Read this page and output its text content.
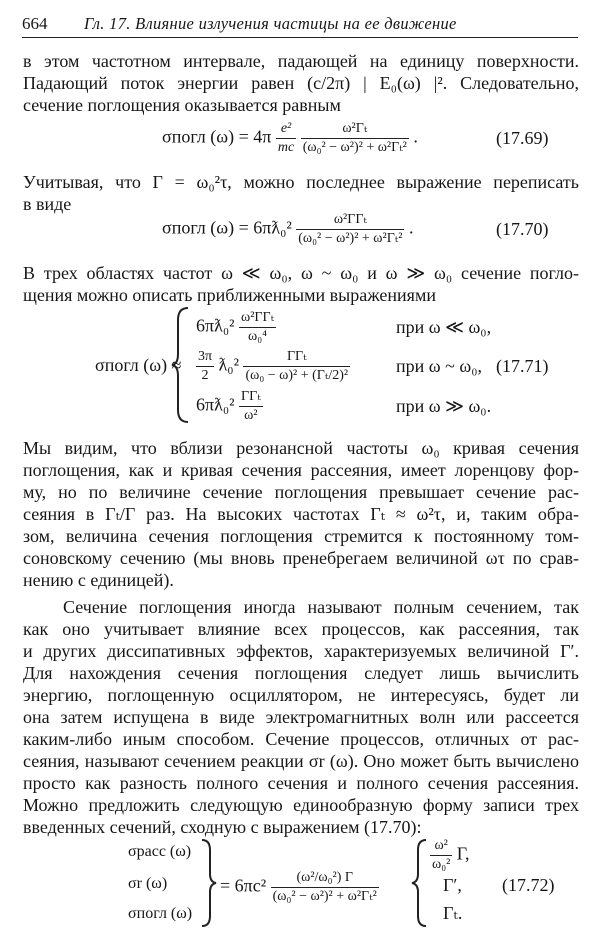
664 Гл. 17. Влияние излучения частицы на ее движение
в этом частотном интервале, падающей на единицу поверхности.
Падающий поток энергии равен (c/2π) | E₀(ω) |². Следовательно,
сечение поглощения оказывается равным
σпогл $(\omega) = 4\pi \frac{\text{e²}}{mc}$
$\frac{\text{ω²Γₜ}}{\text{(ω₀² − ω²)² + ω²Γₜ²}}$ .	(17.69)
Учитывая, что Γ = ω₀²τ, можно последнее выражение переписать
в виде
σпогл (ω) = 6πƛ₀² $\frac{\text{ω²ΓΓₜ}}{\text{(ω₀² − ω²)² + ω²Γₜ²}}$ .	(17.70)
В трех областях частот ω ≪ ω₀, ω ~ ω₀ и ω ≫ ω₀ сечение погло-
щения можно описать приближенными выражениями
σпогл (ω) ≈
6πƛ₀² $\frac{\text{ω²ΓΓₜ}}{\text{ω₀⁴}}$	при ω ≪ ω₀,
$\frac{3\pi}{2}$ ƛ₀² $\frac{\text{ΓΓₜ}}{\text{(ω₀ − ω)² + (Γₜ/2)²}}$	при ω ~ ω₀,
6πƛ₀² $\frac{\text{ΓΓₜ}}{\text{ω²}}$	при ω ≫ ω₀.
(17.71)
Мы видим, что вблизи резонансной частоты ω₀ кривая сечения
поглощения, как и кривая сечения рассеяния, имеет лоренцову фор-
му, но по величине сечение поглощения превышает сечение рас-
сеяния в Γₜ/Γ раз. На высоких частотах Γₜ ≈ ω²τ, и, таким обра-
зом, величина сечения поглощения стремится к постоянному том-
соновскому сечению (мы вновь пренебрегаем величиной ωτ по срав-
нению с единицей).
Сечение поглощения иногда называют полным сечением, так
как оно учитывает влияние всех процессов, как рассеяния, так
и других диссипативных эффектов, характеризуемых величиной Γ′.
Для нахождения сечения поглощения следует лишь вычислить
энергию, поглощенную осциллятором, не интересуясь, будет ли
она затем испущена в виде электромагнитных волн или рассеется
каким-либо иным способом. Сечение процессов, отличных от рас-
сеяния, называют сечением реакции σr (ω). Оно может быть вычислено
просто как разность полного сечения и полного сечения рассеяния.
Можно предложить следующую единообразную форму записи трех
введенных сечений, сходную с выражением (17.70):
σрасс (ω)
σr (ω)
σпогл (ω)
= $6\pi c^2 \frac{\text{(ω²/ω₀²) Γ}}{\text{(ω₀² − ω²)² + ω²Γₜ²}}$
$\frac{\text{ω²}}{\text{ω₀²}} \Gamma$,
Γ′,
Γₜ.
(17.72)
